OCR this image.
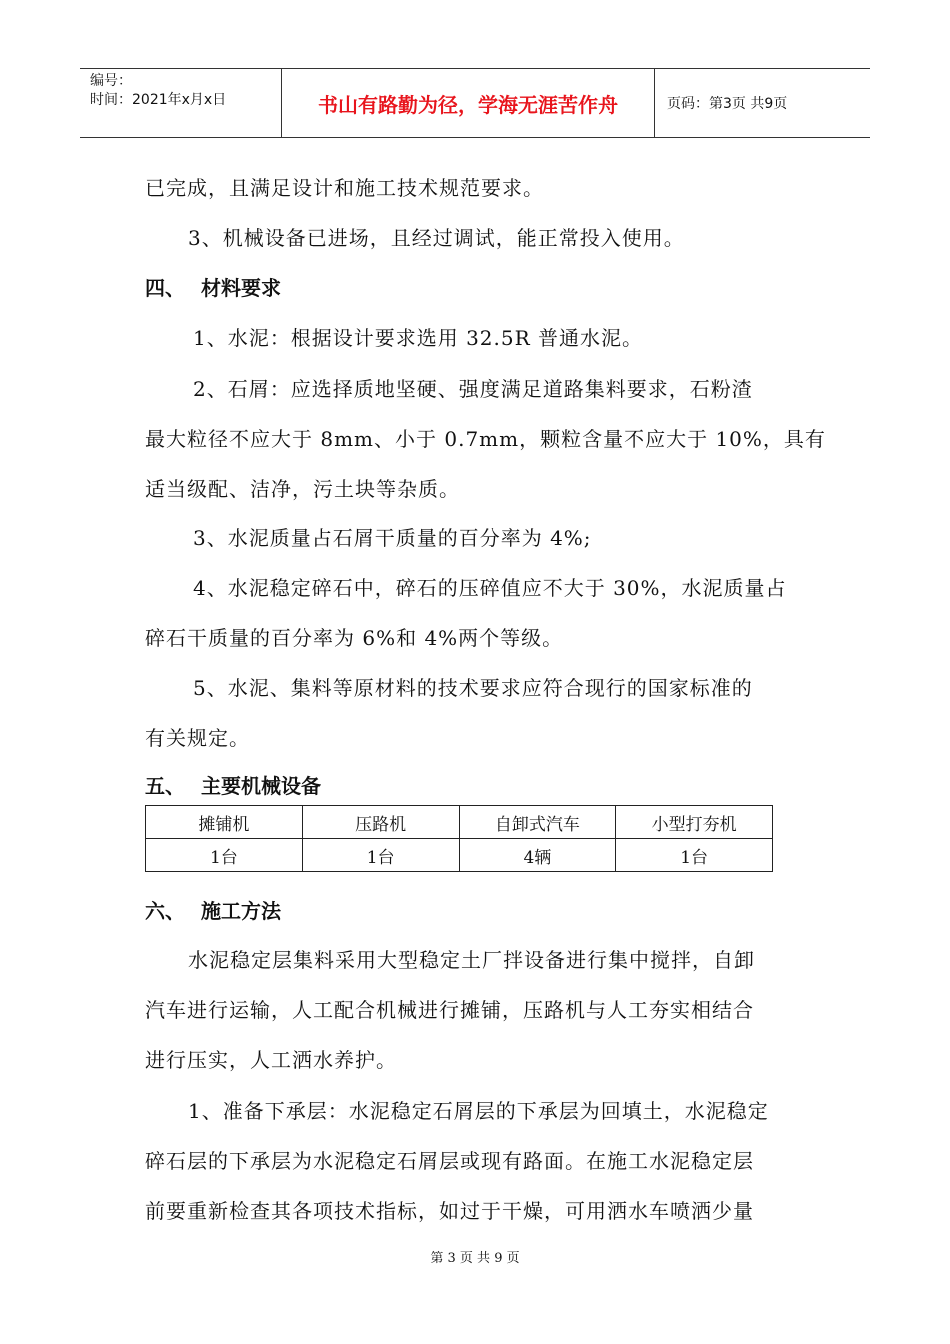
编号：
时间：2021年x月x日	书山有路勤为径，学海无涯苦作舟	页码：第3页 共9页
已完成，且满足设计和施工技术规范要求。
3、机械设备已进场，且经过调试，能正常投入使用。
四、 材料要求
1、水泥：根据设计要求选用 32.5R 普通水泥。
2、石屑：应选择质地坚硬、强度满足道路集料要求，石粉渣
最大粒径不应大于 8mm、小于 0.7mm，颗粒含量不应大于 10%，具有
适当级配、洁净，污土块等杂质。
3、水泥质量占石屑干质量的百分率为 4%;
4、水泥稳定碎石中，碎石的压碎值应不大于 30%，水泥质量占
碎石干质量的百分率为 6%和 4%两个等级。
5、水泥、集料等原材料的技术要求应符合现行的国家标准的
有关规定。
五、 主要机械设备
摊铺机	压路机	自卸式汽车	小型打夯机
1台	1台	4辆	1台
六、 施工方法
水泥稳定层集料采用大型稳定土厂拌设备进行集中搅拌，自卸
汽车进行运输，人工配合机械进行摊铺，压路机与人工夯实相结合
进行压实，人工洒水养护。
1、准备下承层：水泥稳定石屑层的下承层为回填土，水泥稳定
碎石层的下承层为水泥稳定石屑层或现有路面。在施工水泥稳定层
前要重新检查其各项技术指标，如过于干燥，可用洒水车喷洒少量
第 3 页 共 9 页
